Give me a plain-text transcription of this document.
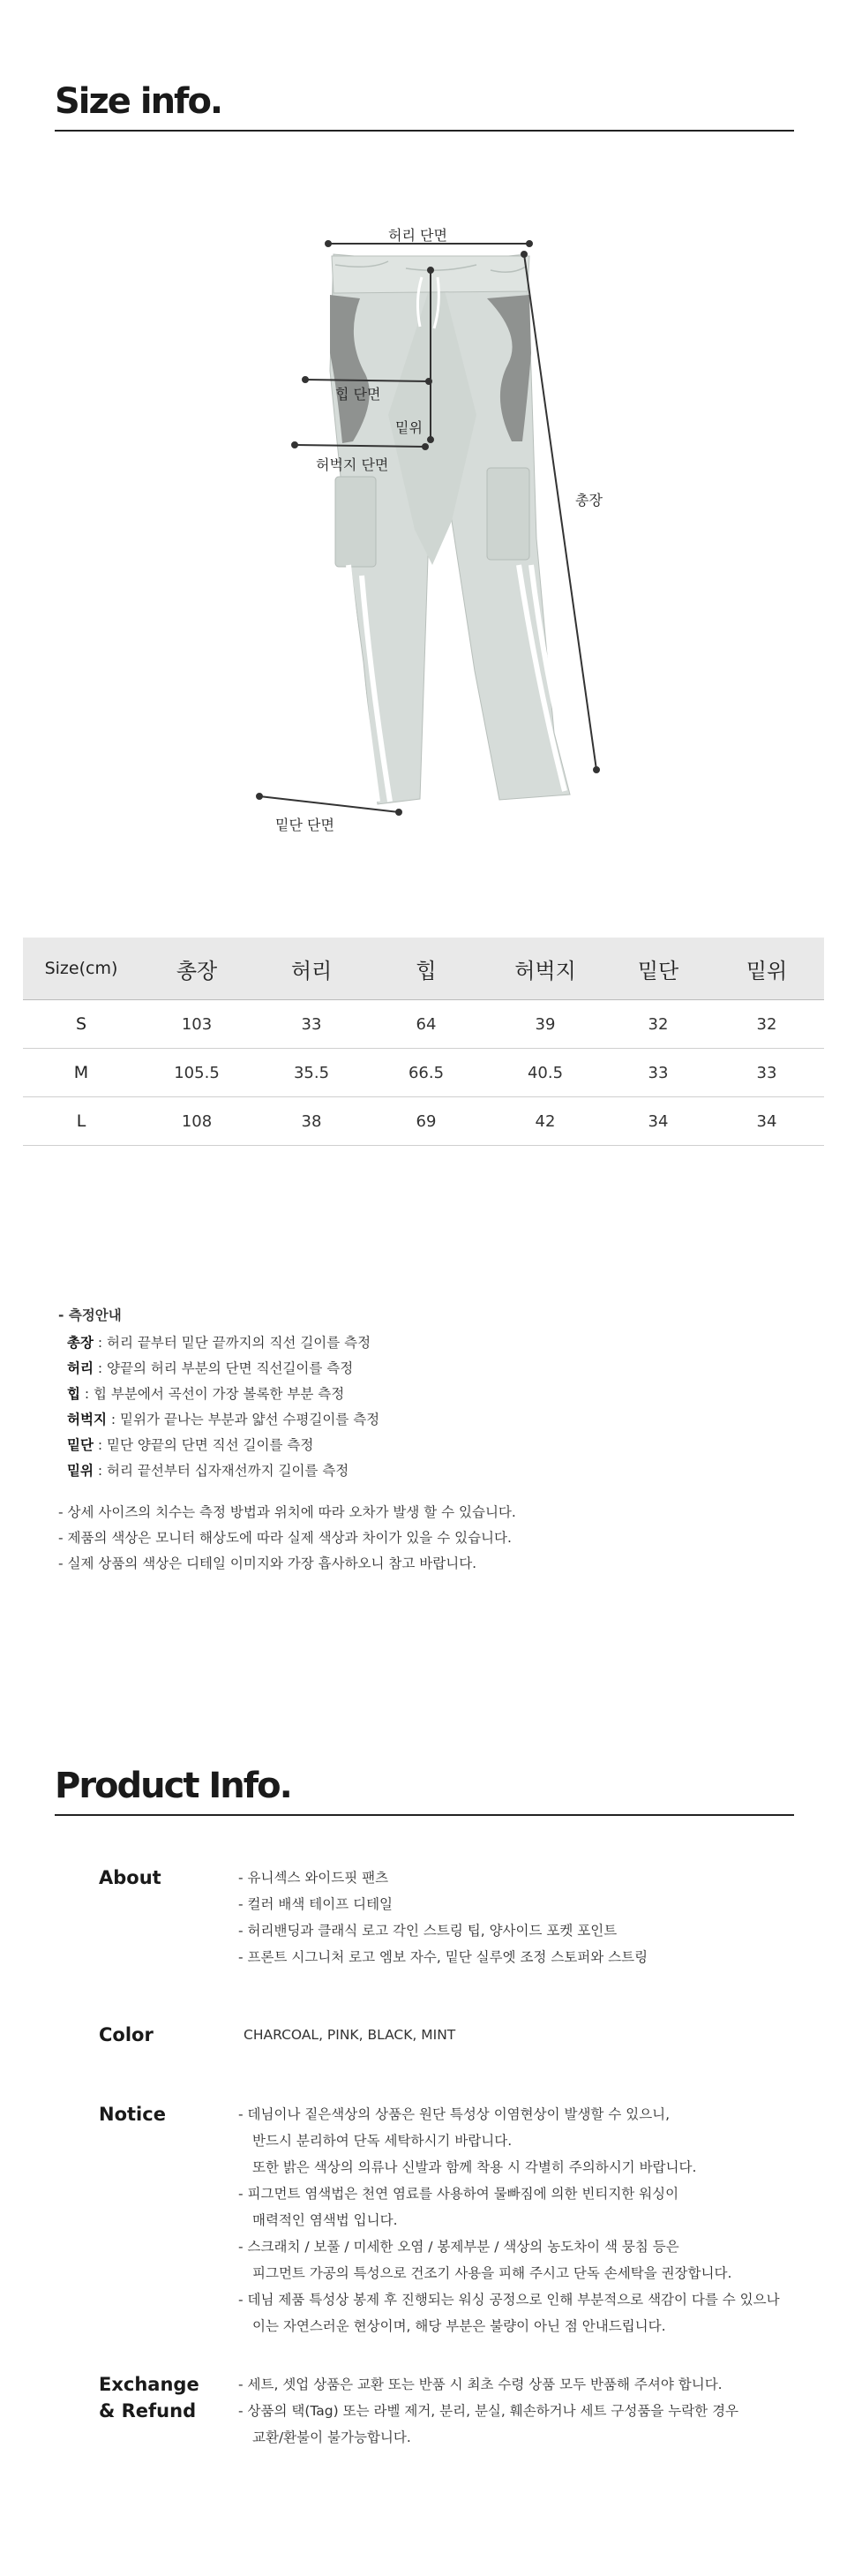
Size info.
허리 단면
힙 단면
밑위
허벅지 단면
총장
밑단 단면
Size(cm)	총장	허리	힙	허벅지	밑단	밑위
S	103	33	64	39	32	32
M	105.5	35.5	66.5	40.5	33	33
L	108	38	69	42	34	34
- 측정안내
총장 : 허리 끝부터 밑단 끝까지의 직선 길이를 측정
허리 : 양끝의 허리 부분의 단면 직선길이를 측정
힙 : 힙 부분에서 곡선이 가장 볼록한 부분 측정
허벅지 : 밑위가 끝나는 부분과 얇선 수평길이를 측정
밑단 : 밑단 양끝의 단면 직선 길이를 측정
밑위 : 허리 끝선부터 십자재선까지 길이를 측정
- 상세 사이즈의 치수는 측정 방법과 위치에 따라 오차가 발생 할 수 있습니다.
- 제품의 색상은 모니터 해상도에 따라 실제 색상과 차이가 있을 수 있습니다.
- 실제 상품의 색상은 디테일 이미지와 가장 흡사하오니 참고 바랍니다.
Product Info.
About	- 유니섹스 와이드핏 팬츠
- 컬러 배색 테이프 디테일
- 허리밴딩과 클래식 로고 각인 스트링 팁, 양사이드 포켓 포인트
- 프론트 시그니처 로고 엠보 자수, 밑단 실루엣 조정 스토퍼와 스트링
Color	CHARCOAL, PINK, BLACK, MINT
Notice	- 데님이나 짙은색상의 상품은 원단 특성상 이염현상이 발생할 수 있으니,
반드시 분리하여 단독 세탁하시기 바랍니다.
또한 밝은 색상의 의류나 신발과 함께 착용 시 각별히 주의하시기 바랍니다.
- 피그먼트 염색법은 천연 염료를 사용하여 물빠짐에 의한 빈티지한 워싱이
매력적인 염색법 입니다.
- 스크래치 / 보풀 / 미세한 오염 / 봉제부분 / 색상의 농도차이 색 뭉침 등은
피그먼트 가공의 특성으로 건조기 사용을 피해 주시고 단독 손세탁을 권장합니다.
- 데님 제품 특성상 봉제 후 진행되는 워싱 공정으로 인해 부분적으로 색감이 다를 수 있으나
이는 자연스러운 현상이며, 해당 부분은 불량이 아닌 점 안내드립니다.
Exchange
& Refund
- 세트, 셋업 상품은 교환 또는 반품 시 최초 수령 상품 모두 반품해 주셔야 합니다.
- 상품의 택(Tag) 또는 라벨 제거, 분리, 분실, 훼손하거나 세트 구성품을 누락한 경우
교환/환불이 불가능합니다.
